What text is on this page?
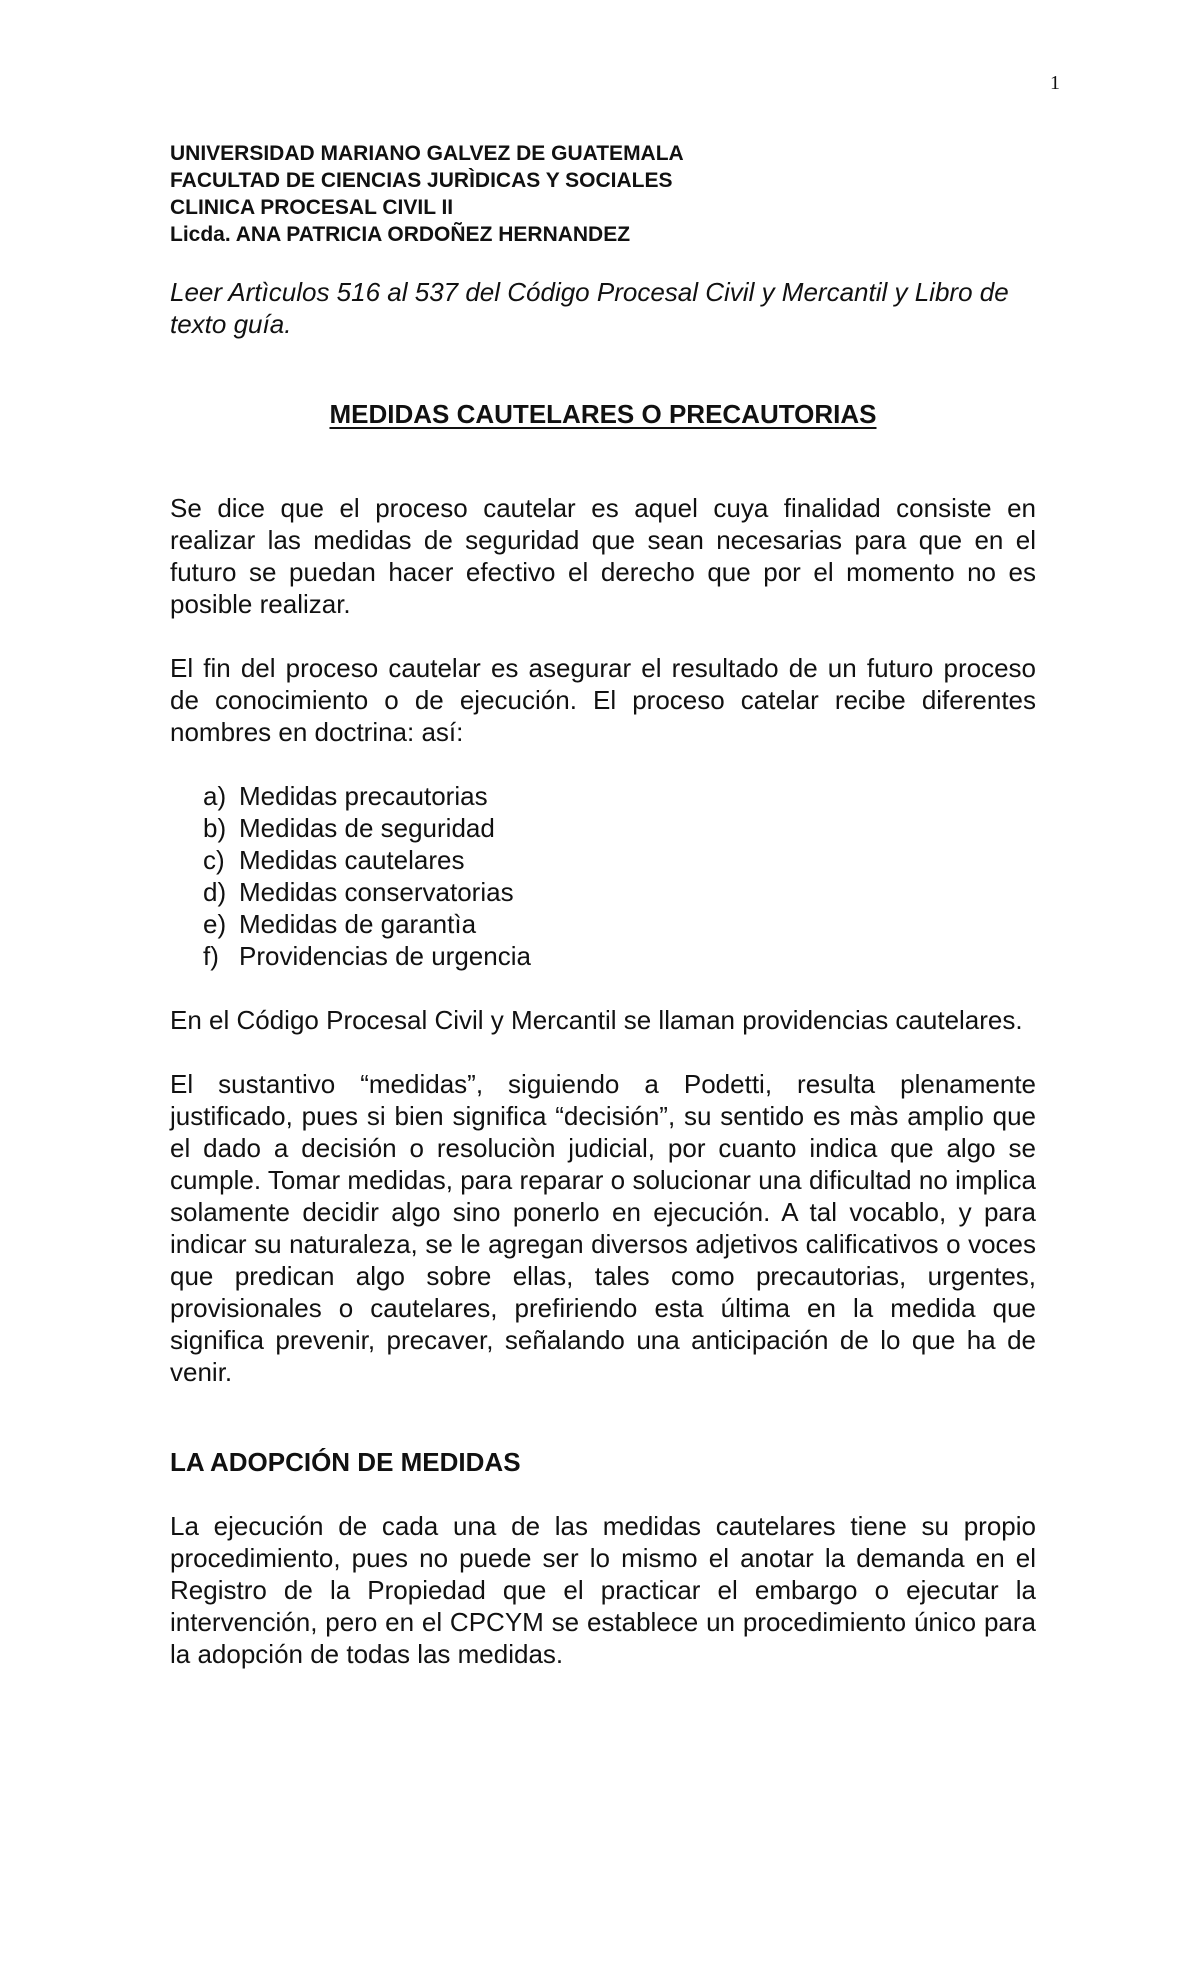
1
UNIVERSIDAD MARIANO GALVEZ DE GUATEMALA
FACULTAD DE CIENCIAS JURÌDICAS Y SOCIALES
CLINICA PROCESAL CIVIL II
Licda. ANA PATRICIA ORDOÑEZ HERNANDEZ
Leer Artìculos 516 al 537 del Código Procesal Civil y Mercantil y Libro de texto guía.
MEDIDAS CAUTELARES O PRECAUTORIAS

Se dice que el proceso cautelar es aquel cuya finalidad consiste en realizar las medidas de seguridad que sean necesarias para que en el futuro se puedan hacer efectivo el derecho que por el momento no es posible realizar.

El fin del proceso cautelar es asegurar el resultado de un futuro proceso de conocimiento o de ejecución. El proceso catelar recibe diferentes nombres en doctrina: así:

a) Medidas precautorias
b) Medidas de seguridad
c) Medidas cautelares
d) Medidas conservatorias
e) Medidas de garantìa
f) Providencias de urgencia

En el Código Procesal Civil y Mercantil se llaman providencias cautelares.

El sustantivo “medidas”, siguiendo a Podetti, resulta plenamente justificado, pues si bien significa “decisión”, su sentido es màs amplio que el dado a decisión o resoluciòn judicial, por cuanto indica que algo se cumple. Tomar medidas, para reparar o solucionar una dificultad no implica solamente decidir algo sino ponerlo en ejecución. A tal vocablo, y para indicar su naturaleza, se le agregan diversos adjetivos calificativos o voces que predican algo sobre ellas, tales como precautorias, urgentes, provisionales o cautelares, prefiriendo esta última en la medida que significa prevenir, precaver, señalando una anticipación de lo que ha de venir.

LA ADOPCIÓN DE MEDIDAS

La ejecución de cada una de las medidas cautelares tiene su propio procedimiento, pues no puede ser lo mismo el anotar la demanda en el Registro de la Propiedad que el practicar el embargo o ejecutar la intervención, pero en el CPCYM se establece un procedimiento único para la adopción de todas las medidas.
